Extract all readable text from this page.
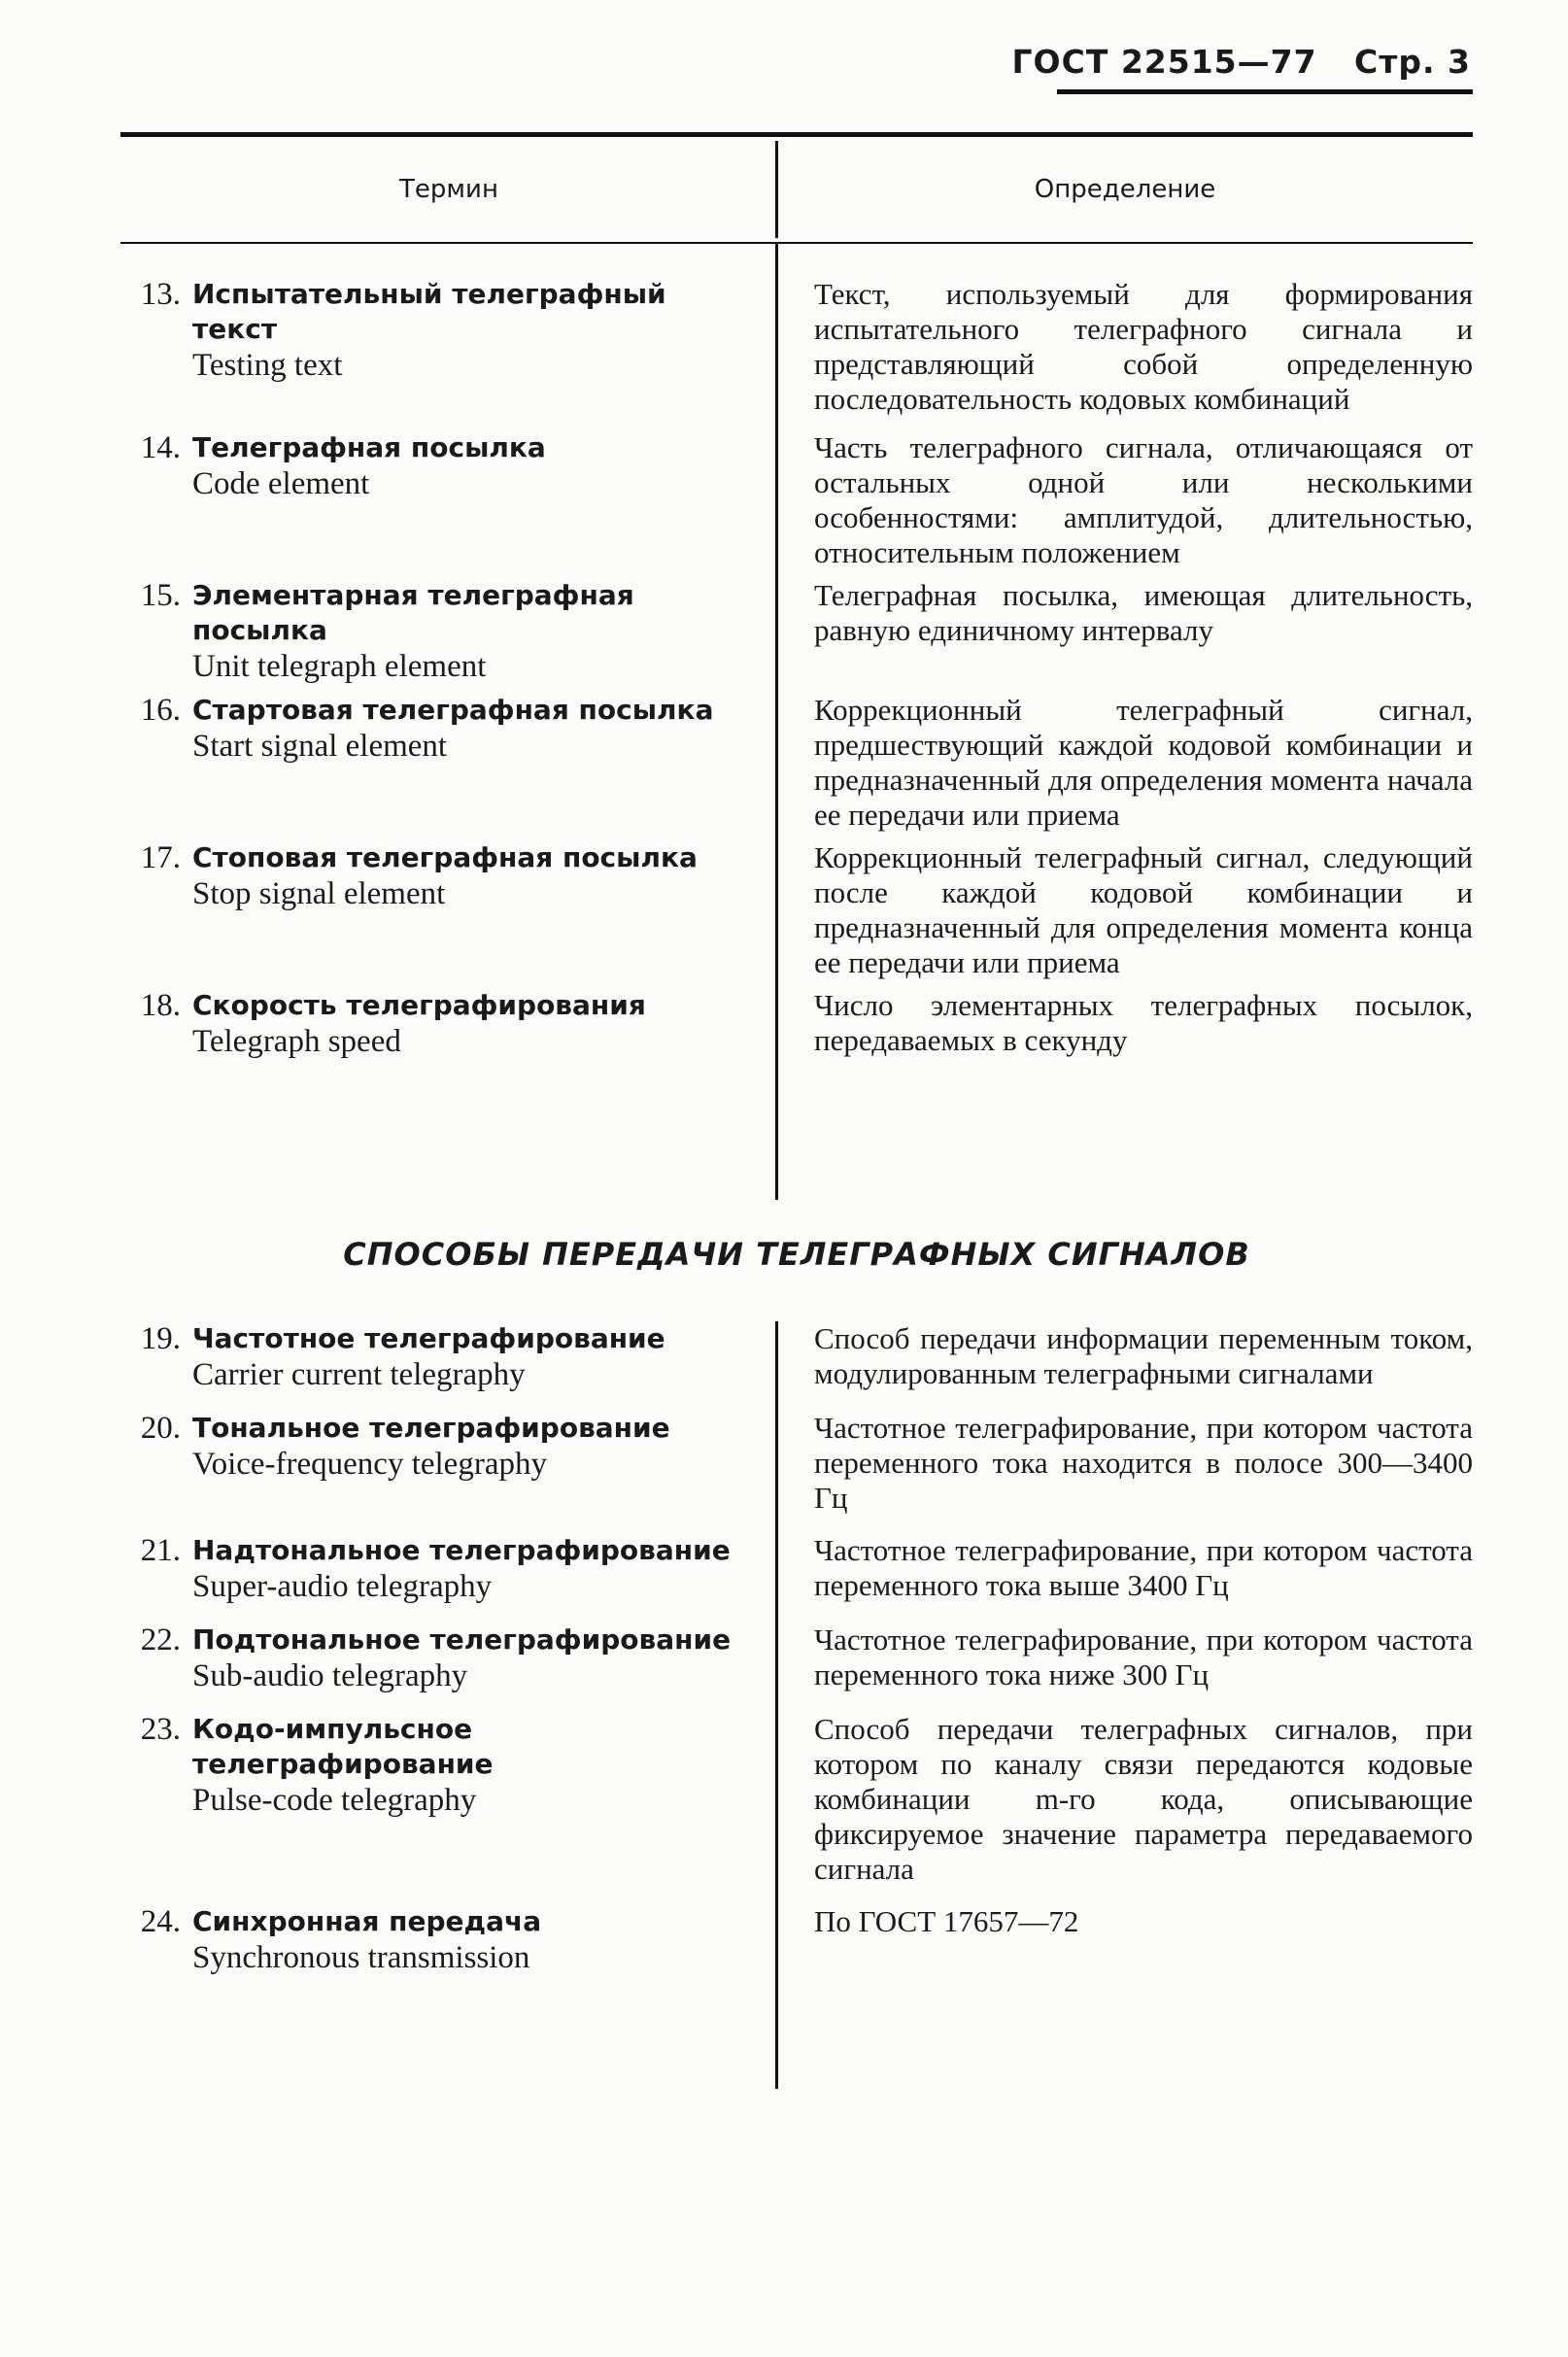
ГОСТ 22515—77 Стр. 3
Термин	Определение
13. Испытательный телеграфный текст
Testing text
Текст, используемый для формирования испытательного телеграфного сигнала и представляющий собой определенную последовательность кодовых комбинаций
14. Телеграфная посылка
Code element
Часть телеграфного сигнала, отличающаяся от остальных одной или несколькими особенностями: амплитудой, длительностью, относительным положением
15. Элементарная телеграфная посылка
Unit telegraph element
Телеграфная посылка, имеющая длительность, равную единичному интервалу
16. Стартовая телеграфная посылка
Start signal element
Коррекционный телеграфный сигнал, предшествующий каждой кодовой комбинации и предназначенный для определения момента начала ее передачи или приема
17. Стоповая телеграфная посылка
Stop signal element
Коррекционный телеграфный сигнал, следующий после каждой кодовой комбинации и предназначенный для определения момента конца ее передачи или приема
18. Скорость телеграфирования
Telegraph speed
Число элементарных телеграфных посылок, передаваемых в секунду
СПОСОБЫ ПЕРЕДАЧИ ТЕЛЕГРАФНЫХ СИГНАЛОВ
19. Частотное телеграфирование
Carrier current telegraphy
Способ передачи информации переменным током, модулированным телеграфными сигналами
20. Тональное телеграфирование
Voice-frequency telegraphy
Частотное телеграфирование, при котором частота переменного тока находится в полосе 300—3400 Гц
21. Надтональное телеграфирование
Super-audio telegraphy
Частотное телеграфирование, при котором частота переменного тока выше 3400 Гц
22. Подтональное телеграфирование
Sub-audio telegraphy
Частотное телеграфирование, при котором частота переменного тока ниже 300 Гц
23. Кодо-импульсное телеграфирование
Pulse-code telegraphy
Способ передачи телеграфных сигналов, при котором по каналу связи передаются кодовые комбинации m-го кода, описывающие фиксируемое значение параметра передаваемого сигнала
24. Синхронная передача
Synchronous transmission
По ГОСТ 17657—72
